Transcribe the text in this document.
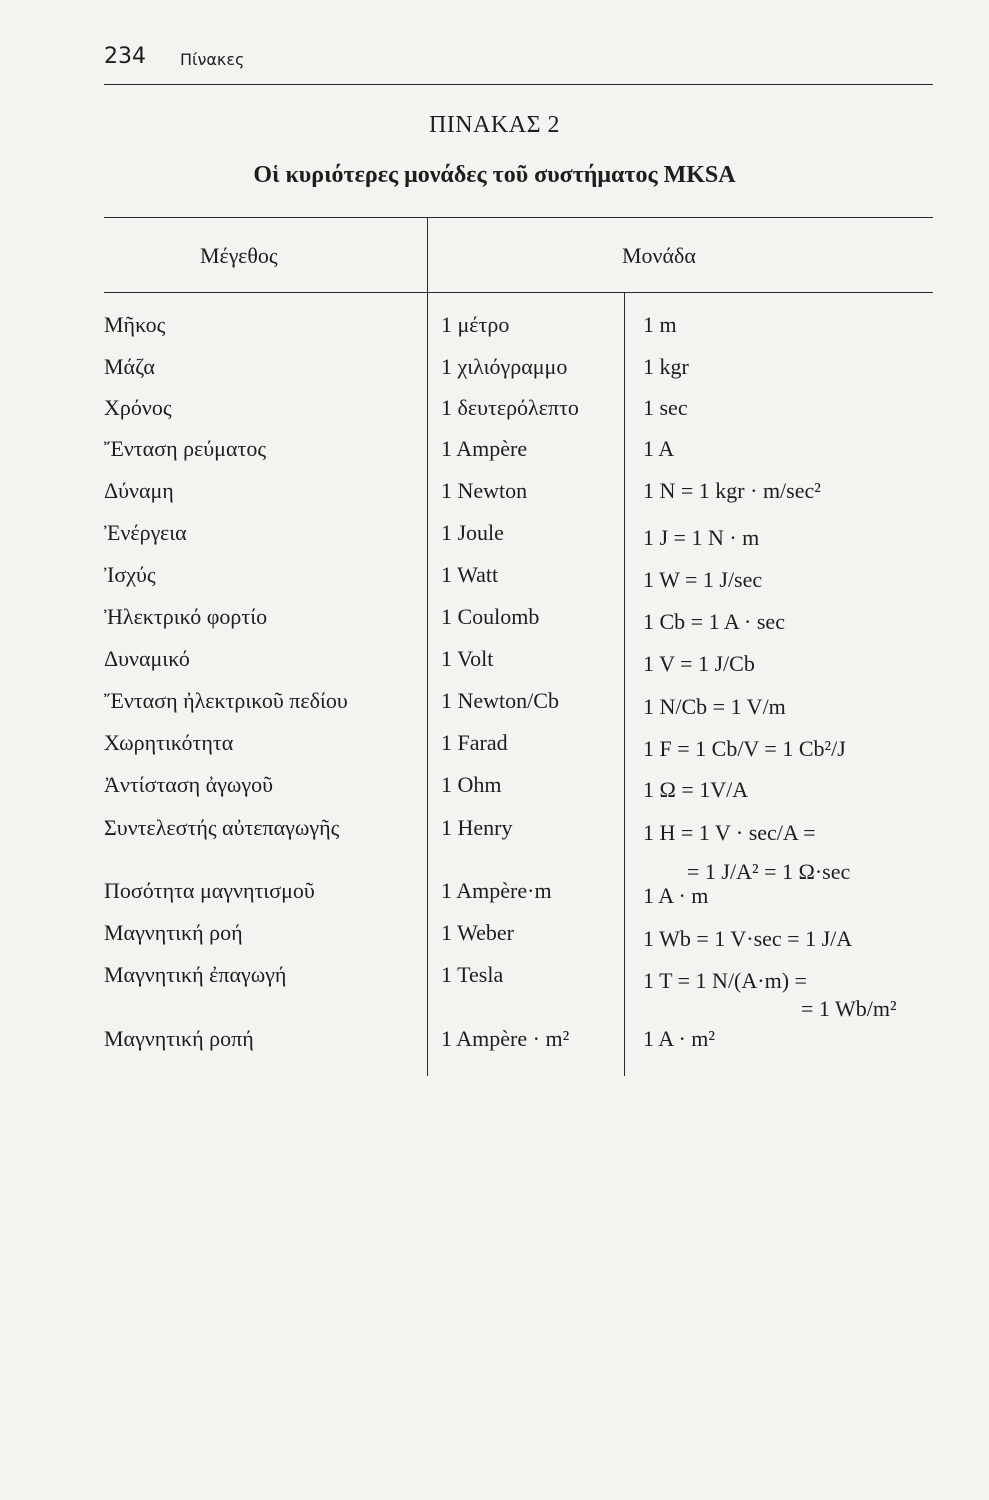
234 Πίνακες
ΠΙΝΑΚΑΣ 2
Οἱ κυριότερες μονάδες τοῦ συστήματος MKSA
Μέγεθος	Μονάδα
Μῆκος	1 μέτρο	1 m
Μάζα	1 χιλιόγραμμο	1 kgr
Χρόνος	1 δευτερόλεπτο	1 sec
Ἔνταση ρεύματος	1 Ampère	1 A
Δύναμη	1 Newton	1 N = 1 kgr · m/sec²
Ἐνέργεια	1 Joule	1 J = 1 N · m
Ἰσχύς	1 Watt	1 W = 1 J/sec
Ἠλεκτρικό φορτίο	1 Coulomb	1 Cb = 1 A · sec
Δυναμικό	1 Volt	1 V = 1 J/Cb
Ἔνταση ἠλεκτρικοῦ πεδίου	1 Newton/Cb	1 N/Cb = 1 V/m
Χωρητικότητα	1 Farad	1 F = 1 Cb/V = 1 Cb²/J
Ἀντίσταση ἀγωγοῦ	1 Ohm	1 Ω = 1V/A
Συντελεστής αὐτεπαγωγῆς	1 Henry	1 H = 1 V · sec/A =
= 1 J/A² = 1 Ω·sec
Ποσότητα μαγνητισμοῦ	1 Ampère·m	1 A · m
Μαγνητική ροή	1 Weber	1 Wb = 1 V·sec = 1 J/A
Μαγνητική ἐπαγωγή	1 Tesla	1 T = 1 N/(A·m) =
= 1 Wb/m²
Μαγνητική ροπή	1 Ampère · m²	1 A · m²
